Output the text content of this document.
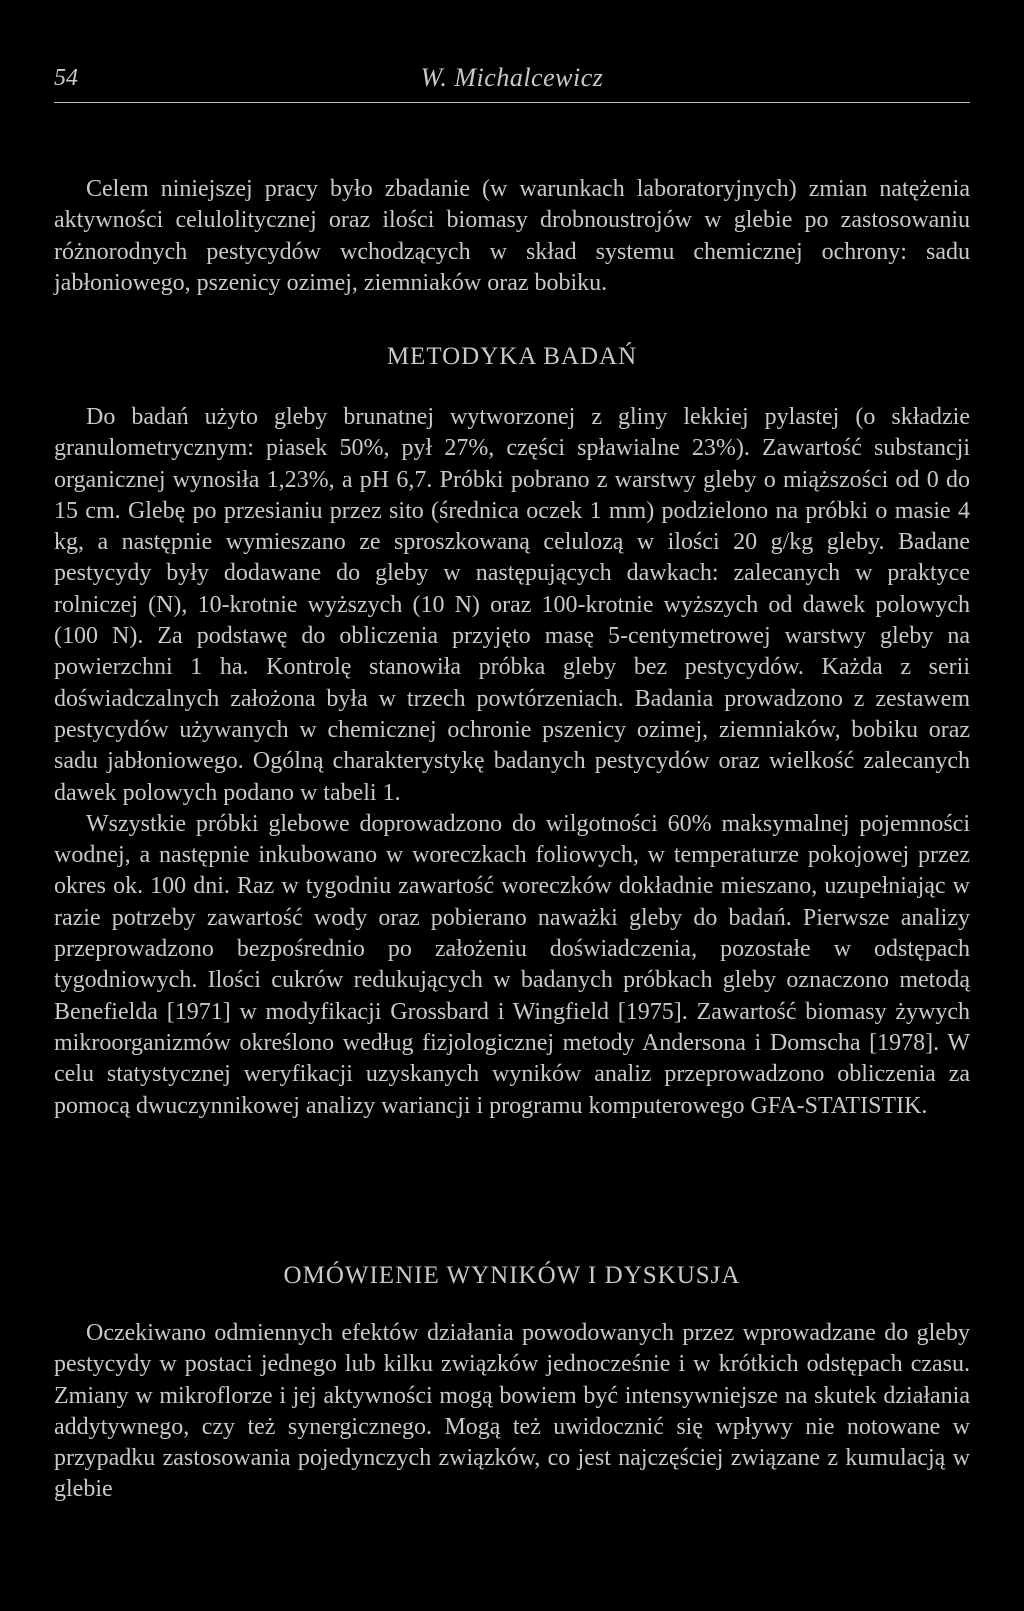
54	W. Michalcewicz

Celem niniejszej pracy było zbadanie (w warunkach laboratoryjnych) zmian natężenia aktywności celulolitycznej oraz ilości biomasy drobnoustrojów w glebie po zastosowaniu różnorodnych pestycydów wchodzących w skład systemu chemicznej ochrony: sadu jabłoniowego, pszenicy ozimej, ziemniaków oraz bobiku.

METODYKA BADAŃ

Do badań użyto gleby brunatnej wytworzonej z gliny lekkiej pylastej (o składzie granulometrycznym: piasek 50%, pył 27%, części spławialne 23%). Zawartość substancji organicznej wynosiła 1,23%, a pH 6,7. Próbki pobrano z warstwy gleby o miąższości od 0 do 15 cm. Glebę po przesianiu przez sito (średnica oczek 1 mm) podzielono na próbki o masie 4 kg, a następnie wymieszano ze sproszkowaną celulozą w ilości 20 g/kg gleby. Badane pestycydy były dodawane do gleby w następujących dawkach: zalecanych w praktyce rolniczej (N), 10-krotnie wyższych (10 N) oraz 100-krotnie wyższych od dawek polowych (100 N). Za podstawę do obliczenia przyjęto masę 5-centymetrowej warstwy gleby na powierzchni 1 ha. Kontrolę stanowiła próbka gleby bez pestycydów. Każda z serii doświadczalnych założona była w trzech powtórzeniach. Badania prowadzono z zestawem pestycydów używanych w chemicznej ochronie pszenicy ozimej, ziemniaków, bobiku oraz sadu jabłoniowego. Ogólną charakterystykę badanych pestycydów oraz wielkość zalecanych dawek polowych podano w tabeli 1.

Wszystkie próbki glebowe doprowadzono do wilgotności 60% maksymalnej pojemności wodnej, a następnie inkubowano w woreczkach foliowych, w temperaturze pokojowej przez okres ok. 100 dni. Raz w tygodniu zawartość woreczków dokładnie mieszano, uzupełniając w razie potrzeby zawartość wody oraz pobierano naważki gleby do badań. Pierwsze analizy przeprowadzono bezpośrednio po założeniu doświadczenia, pozostałe w odstępach tygodniowych. Ilości cukrów redukujących w badanych próbkach gleby oznaczono metodą Benefielda [1971] w modyfikacji Grossbard i Wingfield [1975]. Zawartość biomasy żywych mikroorganizmów określono według fizjologicznej metody Andersona i Domscha [1978]. W celu statystycznej weryfikacji uzyskanych wyników analiz przeprowadzono obliczenia za pomocą dwuczynnikowej analizy wariancji i programu komputerowego GFA-STATISTIK.

OMÓWIENIE WYNIKÓW I DYSKUSJA

Oczekiwano odmiennych efektów działania powodowanych przez wprowadzane do gleby pestycydy w postaci jednego lub kilku związków jednocześnie i w krótkich odstępach czasu. Zmiany w mikroflorze i jej aktywności mogą bowiem być intensywniejsze na skutek działania addytywnego, czy też synergicznego. Mogą też uwidocznić się wpływy nie notowane w przypadku zastosowania pojedynczych związków, co jest najczęściej związane z kumulacją w glebie
